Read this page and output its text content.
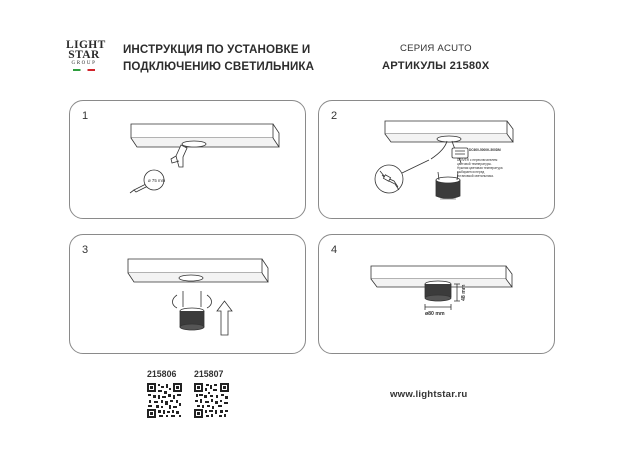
LIGHT
STAR
GROUP
ИНСТРУКЦИЯ ПО УСТАНОВКЕ И
ПОДКЛЮЧЕНИЮ СВЕТИЛЬНИКА
СЕРИЯ ACUTO
АРТИКУЛЫ 21580X
1
ø 75 mm
2
DC600-5000K-500DM
DRIVER с переключателем
цветовой температуры.
Нужная цветовая температура
выбирается перед
установкой светильника.
3	4
48 mm
ø80 mm
215806 215807
www.lightstar.ru
